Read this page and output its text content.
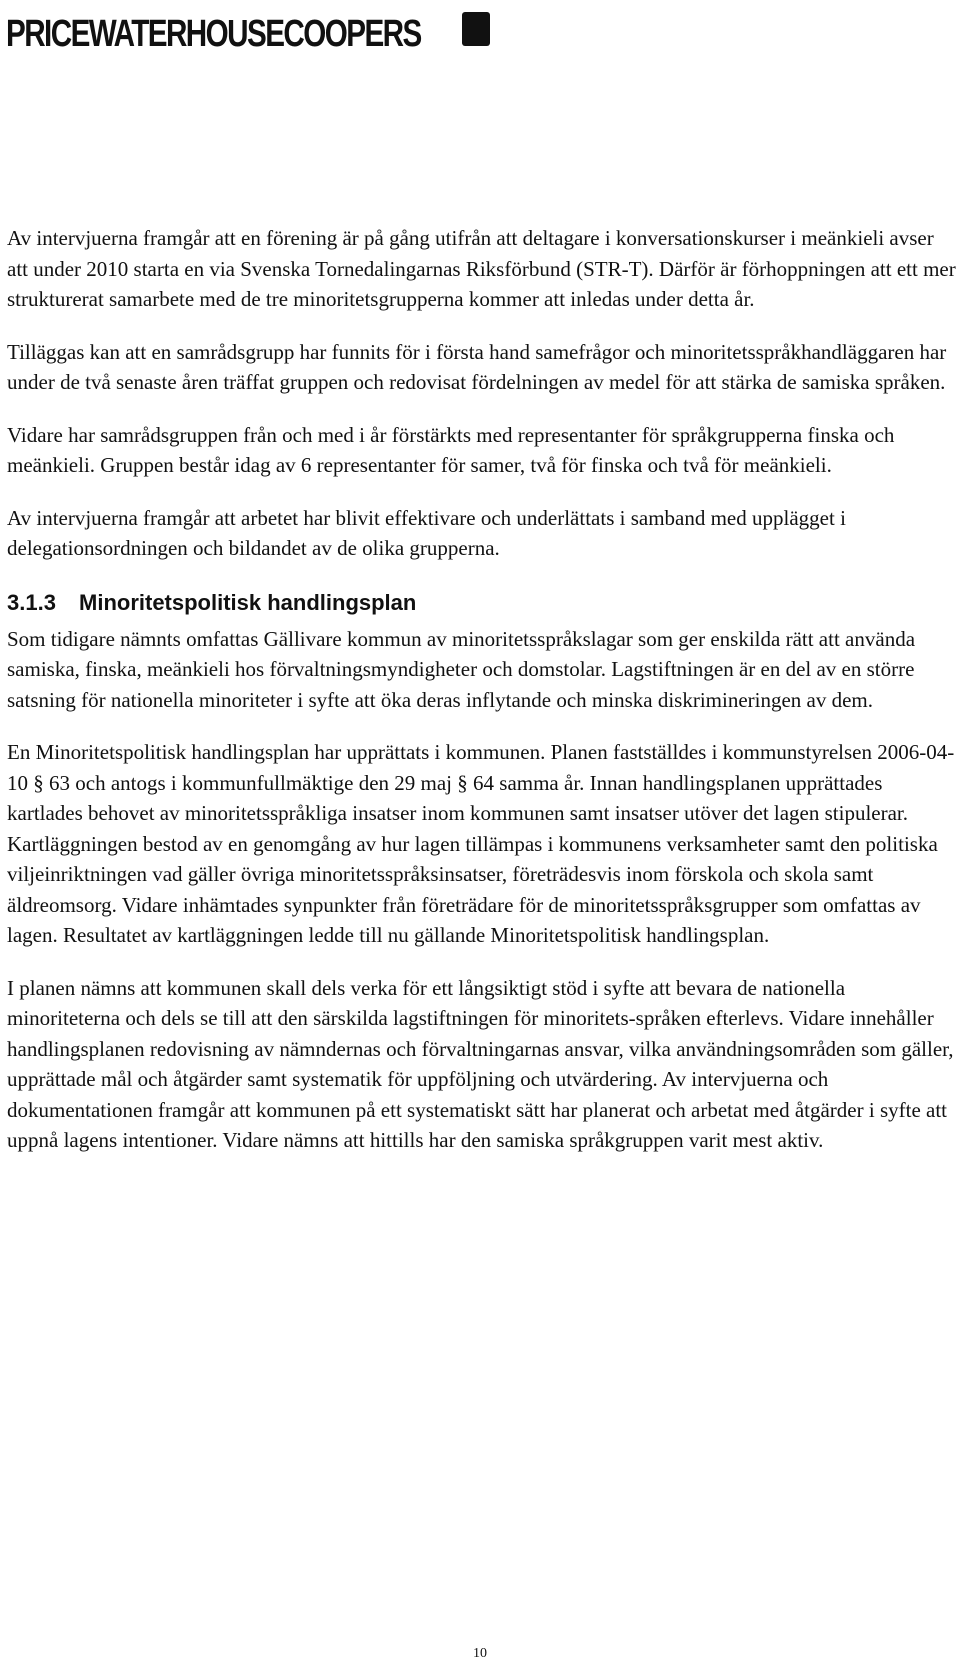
PRICEWATERHOUSECOOPERS

Av intervjuerna framgår att en förening är på gång utifrån att deltagare i konversationskurser i meänkieli avser att under 2010 starta en via Svenska Tornedalingarnas Riksförbund (STR-T). Därför är förhoppningen att ett mer strukturerat samarbete med de tre minoritetsgrupperna kommer att inledas under detta år.

Tilläggas kan att en samrådsgrupp har funnits för i första hand samefrågor och minoritetsspråkhandläggaren har under de två senaste åren träffat gruppen och redovisat fördelningen av medel för att stärka de samiska språken.

Vidare har samrådsgruppen från och med i år förstärkts med representanter för språkgrupperna finska och meänkieli. Gruppen består idag av 6 representanter för samer, två för finska och två för meänkieli.

Av intervjuerna framgår att arbetet har blivit effektivare och underlättats i samband med upplägget i delegationsordningen och bildandet av de olika grupperna.

3.1.3 Minoritetspolitisk handlingsplan

Som tidigare nämnts omfattas Gällivare kommun av minoritetsspråkslagar som ger enskilda rätt att använda samiska, finska, meänkieli hos förvaltningsmyndigheter och domstolar. Lagstiftningen är en del av en större satsning för nationella minoriteter i syfte att öka deras inflytande och minska diskrimineringen av dem.

En Minoritetspolitisk handlingsplan har upprättats i kommunen. Planen fastställdes i kommunstyrelsen 2006-04-10 § 63 och antogs i kommunfullmäktige den 29 maj § 64 samma år. Innan handlingsplanen upprättades kartlades behovet av minoritetsspråkliga insatser inom kommunen samt insatser utöver det lagen stipulerar. Kartläggningen bestod av en genomgång av hur lagen tillämpas i kommunens verksamheter samt den politiska viljeinriktningen vad gäller övriga minoritetsspråksinsatser, företrädesvis inom förskola och skola samt äldreomsorg. Vidare inhämtades synpunkter från företrädare för de minoritetsspråksgrupper som omfattas av lagen. Resultatet av kartläggningen ledde till nu gällande Minoritetspolitisk handlingsplan.

I planen nämns att kommunen skall dels verka för ett långsiktigt stöd i syfte att bevara de nationella minoriteterna och dels se till att den särskilda lagstiftningen för minoritets-språken efterlevs. Vidare innehåller handlingsplanen redovisning av nämndernas och förvaltningarnas ansvar, vilka användningsområden som gäller, upprättade mål och åtgärder samt systematik för uppföljning och utvärdering. Av intervjuerna och dokumentationen framgår att kommunen på ett systematiskt sätt har planerat och arbetat med åtgärder i syfte att uppnå lagens intentioner. Vidare nämns att hittills har den samiska språkgruppen varit mest aktiv.

10
